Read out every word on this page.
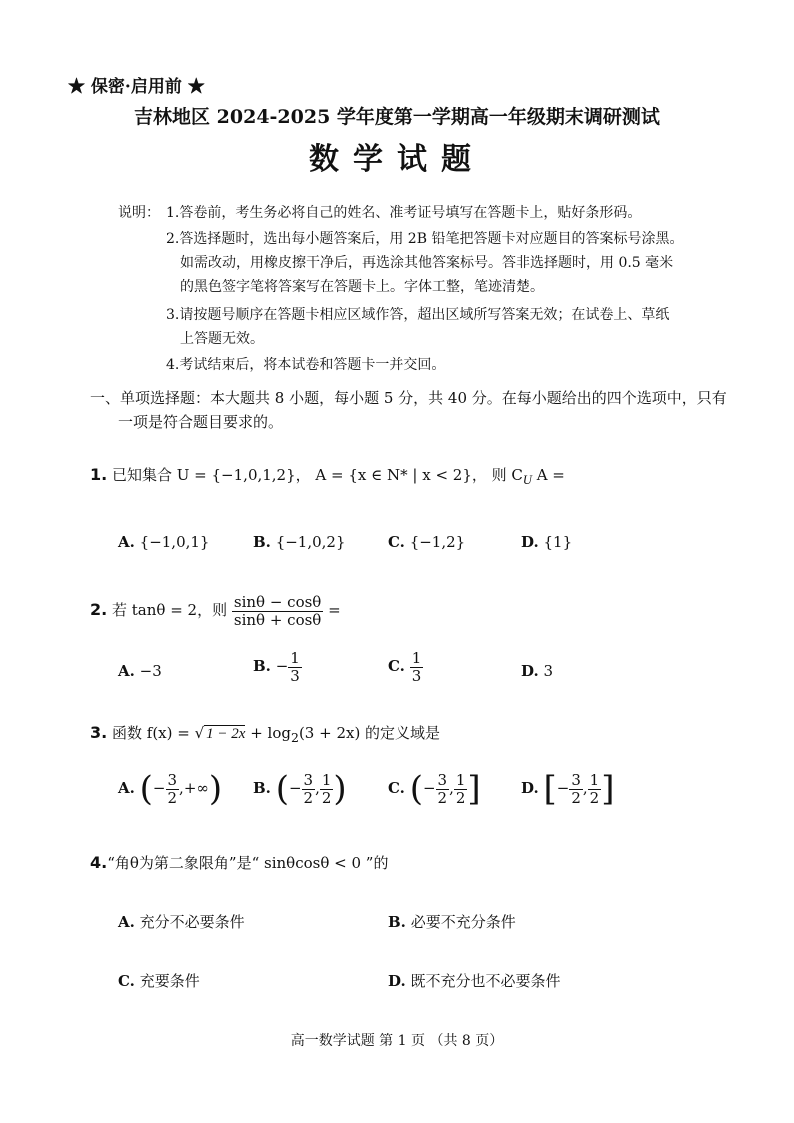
★ 保密·启用前 ★
吉林地区 2024-2025 学年度第一学期高一年级期末调研测试
数学试题
说明： 1.答卷前，考生务必将自己的姓名、准考证号填写在答题卡上，贴好条形码。
2.答选择题时，选出每小题答案后，用 2B 铅笔把答题卡对应题目的答案标号涂黑。
如需改动，用橡皮擦干净后，再选涂其他答案标号。答非选择题时，用 0.5 毫米
的黑色签字笔将答案写在答题卡上。字体工整，笔迹清楚。
3.请按题号顺序在答题卡相应区域作答，超出区域所写答案无效；在试卷上、草纸
上答题无效。
4.考试结束后，将本试卷和答题卡一并交回。
一、单项选择题：本大题共 8 小题，每小题 5 分，共 40 分。在每小题给出的四个选项中，只有
一项是符合题目要求的。
1. 已知集合 U = {−1,0,1,2}， A = {x ∈ N* | x < 2}， 则 $C_U$ A =
A. {−1,0,1}	B. {−1,0,2}	C. {−1,2}	D. {1}
2. 若 tanθ = 2，则 $\frac{\sin\theta - \cos\theta}{\sin\theta + \cos\theta}$ =
A. −3	B. − $\frac{1}{3}$	C. $\frac{1}{3}$	D. 3
3. 函数 f(x) = √ $1 - 2x + \log_2(3 + 2x)$ 的定义域是
A. (− $\frac{3}{2}$ ,+∞) B. (− $\frac{3}{2}$ , $\frac{1}{2}$ )	C. (− $\frac{3}{2}$ , $\frac{1}{2}$ ]	D. [− $\frac{3}{2}$ , $\frac{1}{2}$ ]
4.“角θ为第二象限角”是“ sinθcosθ < 0 ”的
A. 充分不必要条件	B. 必要不充分条件
C. 充要条件	D. 既不充分也不必要条件
高一数学试题 第 1 页 （共 8 页）
